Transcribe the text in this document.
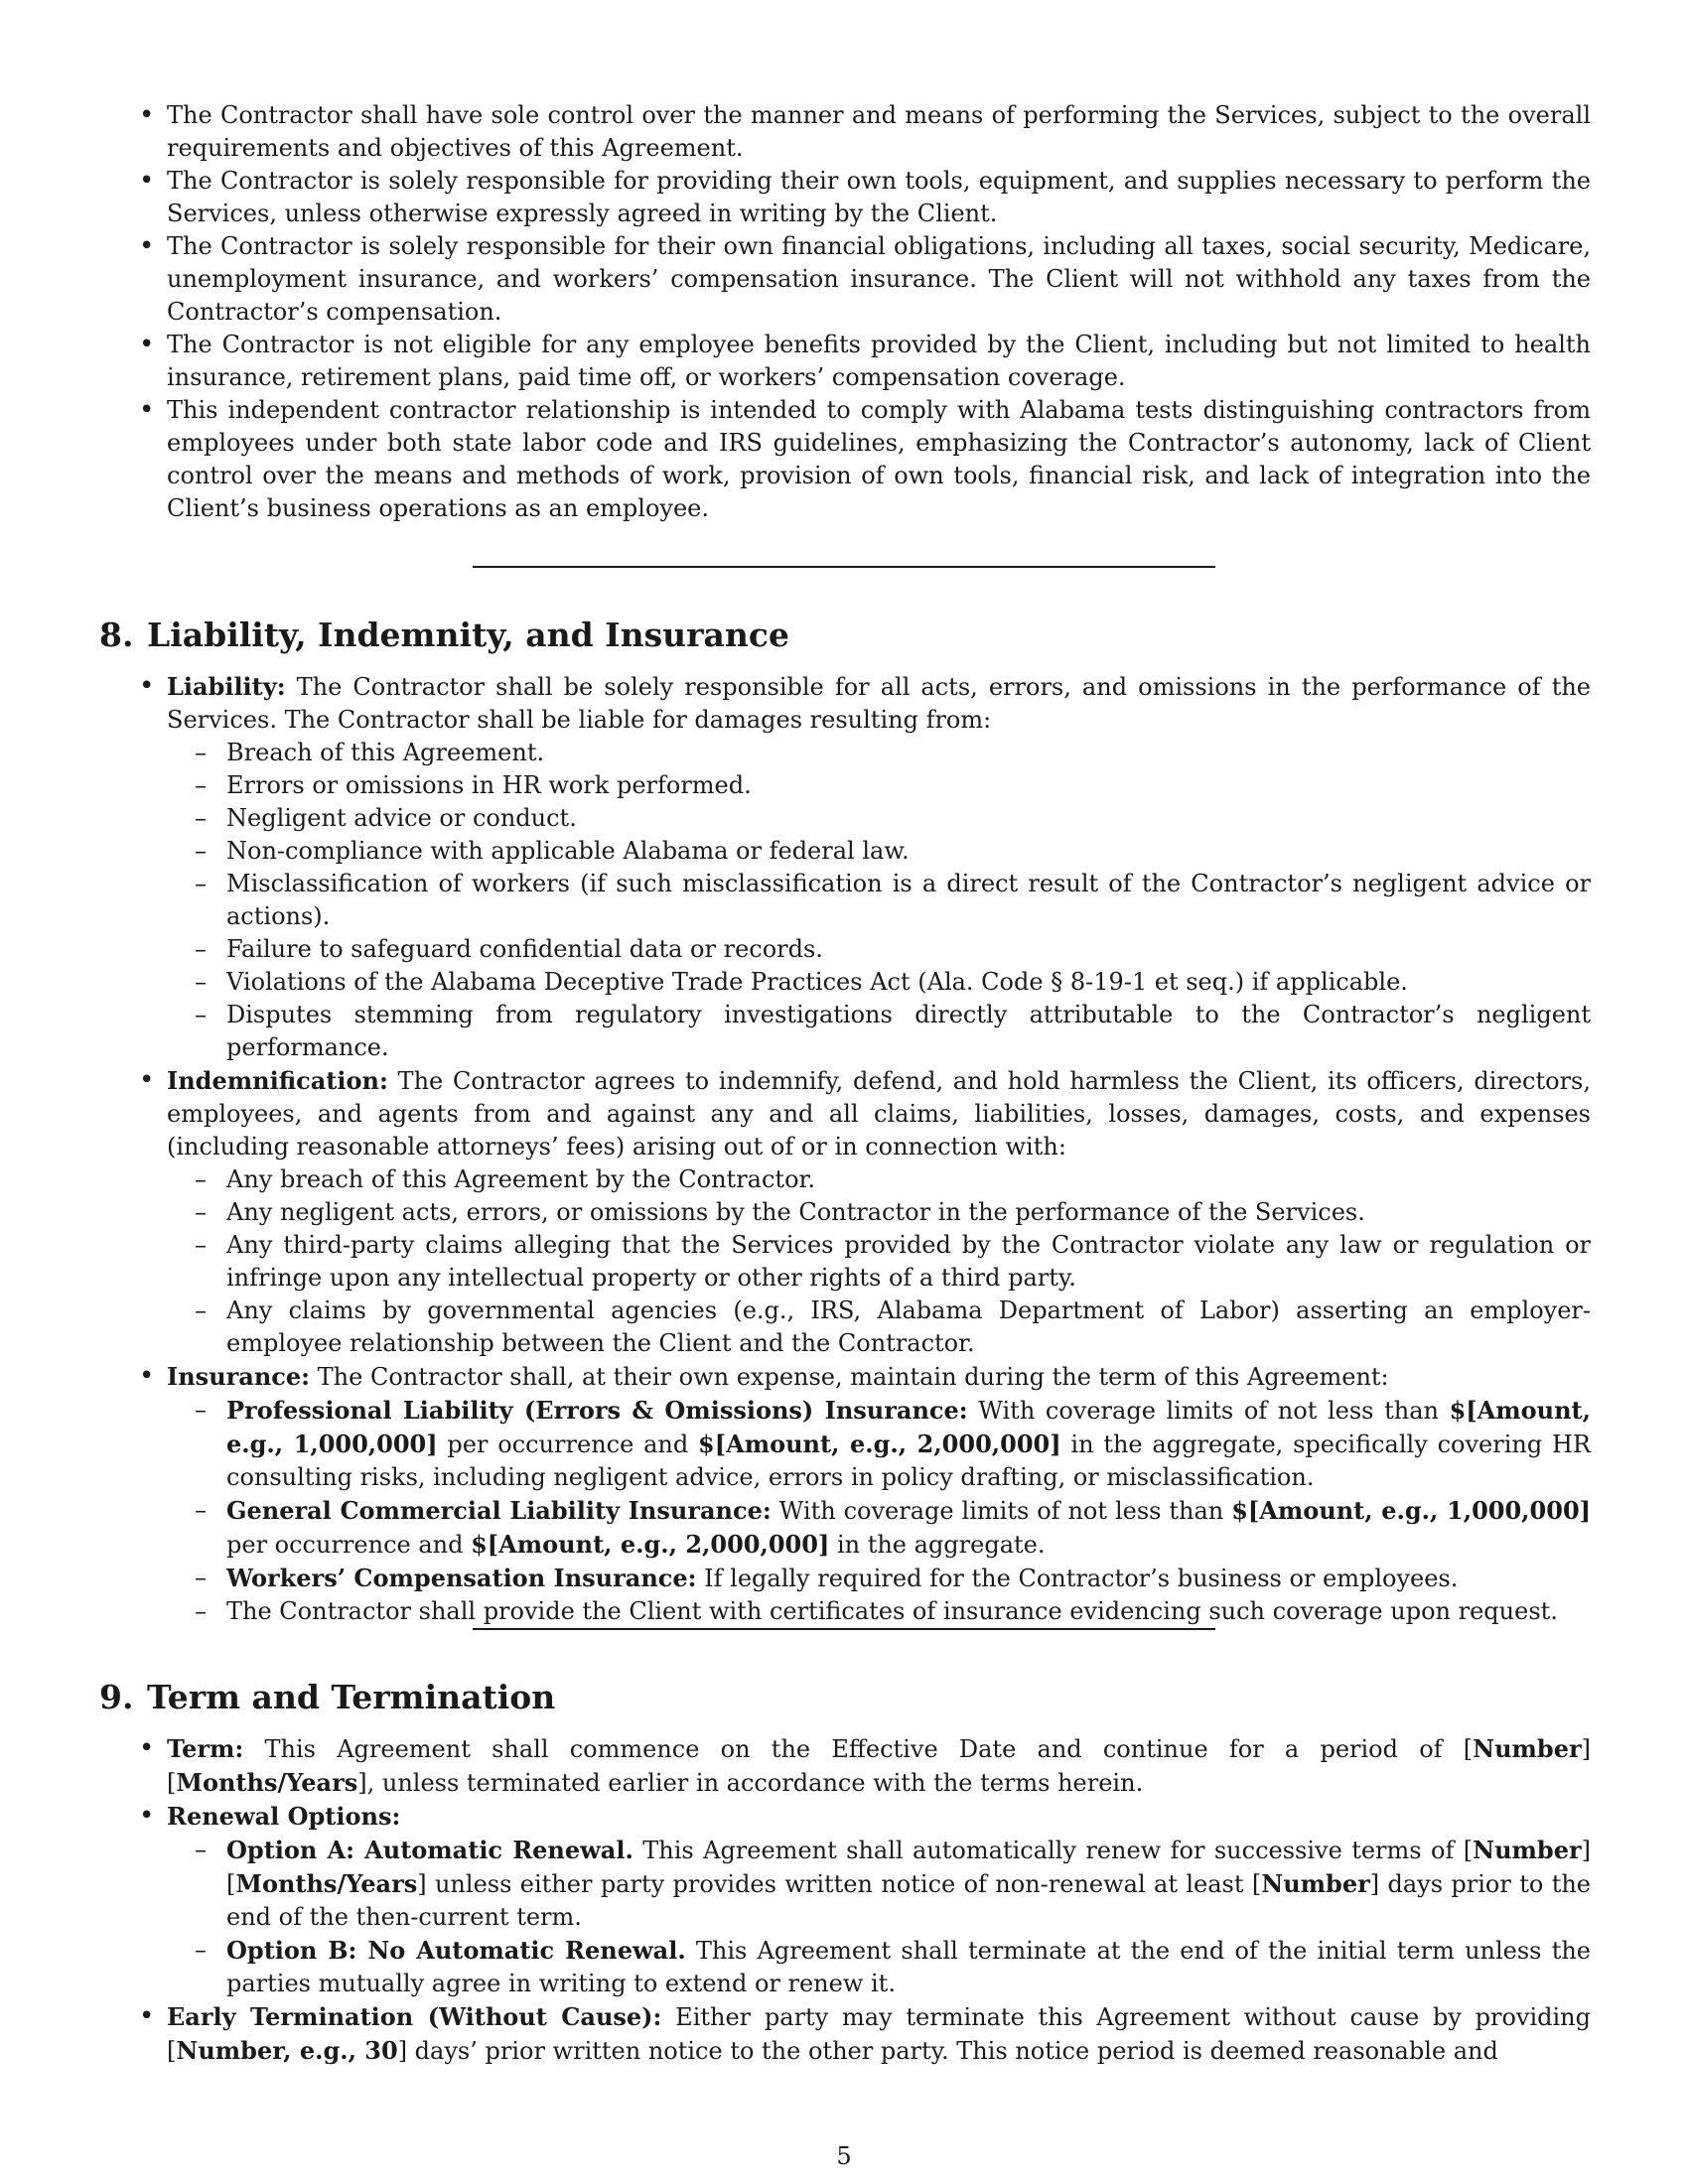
• The Contractor shall have sole control over the manner and means of performing the Services, subject to the overall requirements and objectives of this Agreement.
• The Contractor is solely responsible for providing their own tools, equipment, and supplies necessary to perform the Services, unless otherwise expressly agreed in writing by the Client.
• The Contractor is solely responsible for their own financial obligations, including all taxes, social security, Medicare, unemployment insurance, and workers’ compensation insurance. The Client will not withhold any taxes from the Contractor’s compensation.
• The Contractor is not eligible for any employee benefits provided by the Client, including but not limited to health insurance, retirement plans, paid time off, or workers’ compensation coverage.
• This independent contractor relationship is intended to comply with Alabama tests distinguishing contractors from employees under both state labor code and IRS guidelines, emphasizing the Contractor’s autonomy, lack of Client control over the means and methods of work, provision of own tools, financial risk, and lack of integration into the Client’s business operations as an employee.
8. Liability, Indemnity, and Insurance
• Liability: The Contractor shall be solely responsible for all acts, errors, and omissions in the performance of the Services. The Contractor shall be liable for damages resulting from:
– Breach of this Agreement.
– Errors or omissions in HR work performed.
– Negligent advice or conduct.
– Non-compliance with applicable Alabama or federal law.
– Misclassification of workers (if such misclassification is a direct result of the Contractor’s negligent advice or actions).
– Failure to safeguard confidential data or records.
– Violations of the Alabama Deceptive Trade Practices Act (Ala. Code § 8-19-1 et seq.) if applicable.
– Disputes stemming from regulatory investigations directly attributable to the Contractor’s negligent performance.
• Indemnification: The Contractor agrees to indemnify, defend, and hold harmless the Client, its officers, directors, employees, and agents from and against any and all claims, liabilities, losses, damages, costs, and expenses (including reasonable attorneys’ fees) arising out of or in connection with:
– Any breach of this Agreement by the Contractor.
– Any negligent acts, errors, or omissions by the Contractor in the performance of the Services.
– Any third-party claims alleging that the Services provided by the Contractor violate any law or regulation or infringe upon any intellectual property or other rights of a third party.
– Any claims by governmental agencies (e.g., IRS, Alabama Department of Labor) asserting an employer-employee relationship between the Client and the Contractor.
• Insurance: The Contractor shall, at their own expense, maintain during the term of this Agreement:
– Professional Liability (Errors & Omissions) Insurance: With coverage limits of not less than $[Amount, e.g., 1,000,000] per occurrence and $[Amount, e.g., 2,000,000] in the aggregate, specifically covering HR consulting risks, including negligent advice, errors in policy drafting, or misclassification.
– General Commercial Liability Insurance: With coverage limits of not less than $[Amount, e.g., 1,000,000] per occurrence and $[Amount, e.g., 2,000,000] in the aggregate.
– Workers’ Compensation Insurance: If legally required for the Contractor’s business or employees.
– The Contractor shall provide the Client with certificates of insurance evidencing such coverage upon request.
9. Term and Termination
• Term: This Agreement shall commence on the Effective Date and continue for a period of [Number] [Months/Years], unless terminated earlier in accordance with the terms herein.
• Renewal Options:
– Option A: Automatic Renewal. This Agreement shall automatically renew for successive terms of [Number] [Months/Years] unless either party provides written notice of non-renewal at least [Number] days prior to the end of the then-current term.
– Option B: No Automatic Renewal. This Agreement shall terminate at the end of the initial term unless the parties mutually agree in writing to extend or renew it.
• Early Termination (Without Cause): Either party may terminate this Agreement without cause by providing [Number, e.g., 30] days’ prior written notice to the other party. This notice period is deemed reasonable and
5
